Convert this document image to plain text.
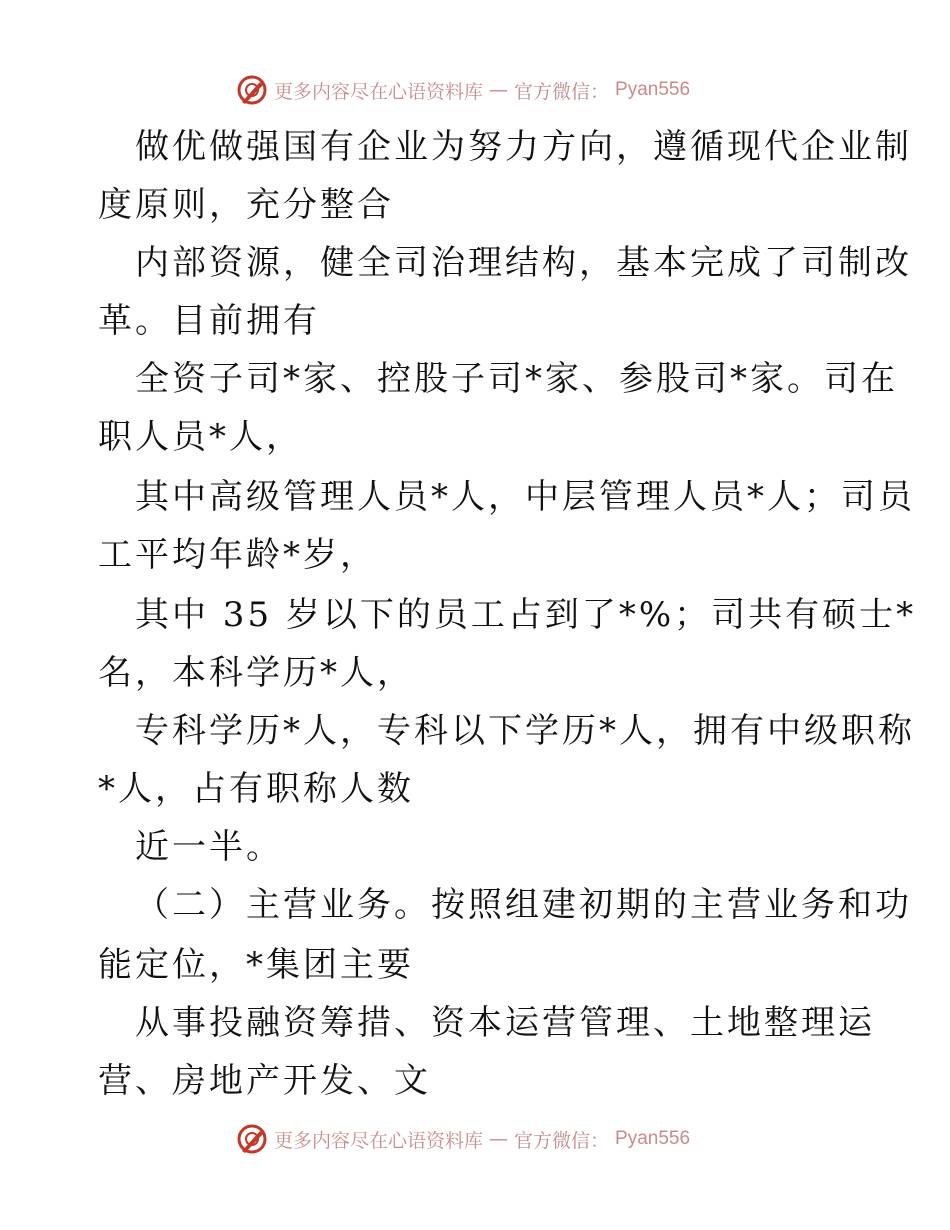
更多内容尽在心语资料库 — 官方微信： Pyan556
做优做强国有企业为努力方向，遵循现代企业制
度原则，充分整合
内部资源，健全司治理结构，基本完成了司制改
革。目前拥有
全资子司*家、控股子司*家、参股司*家。司在
职人员*人，
其中高级管理人员*人，中层管理人员*人；司员
工平均年龄*岁，
其中 35 岁以下的员工占到了*%；司共有硕士*
名，本科学历*人，
专科学历*人，专科以下学历*人，拥有中级职称
*人，占有职称人数
近一半。
（二）主营业务。按照组建初期的主营业务和功
能定位，*集团主要
从事投融资筹措、资本运营管理、土地整理运
营、房地产开发、文
更多内容尽在心语资料库 — 官方微信： Pyan556
